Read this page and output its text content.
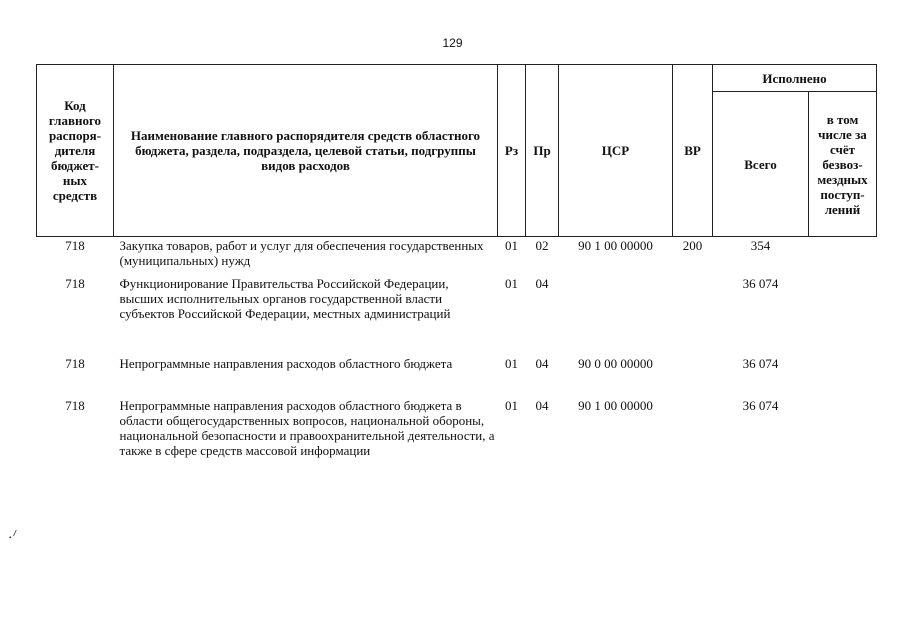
129
Код главного распоря-дителя бюджет-ных средств	Наименование главного распорядителя средств областного бюджета, раздела, подраздела, целевой статьи, подгруппы видов расходов	Рз	Пр	ЦСР	ВР	Исполнено	
						Всего	в том числе за счёт безвоз-мездных поступ-лений
718	Закупка товаров, работ и услуг для обеспечения государственных (муниципальных) нужд	01	02	90 1 00 00000	200	354	
718	Функционирование Правительства Российской Федерации, высших исполнительных органов государственной власти субъектов Российской Федерации, местных администраций	01	04			36 074	
718	Непрограммные направления расходов областного бюджета	01	04	90 0 00 00000		36 074	
718	Непрограммные направления расходов областного бюджета в области общегосударственных вопросов, национальной обороны, национальной безопасности и правоохранительной деятельности, а также в сфере средств массовой информации	01	04	90 1 00 00000		36 074	
·⸍
